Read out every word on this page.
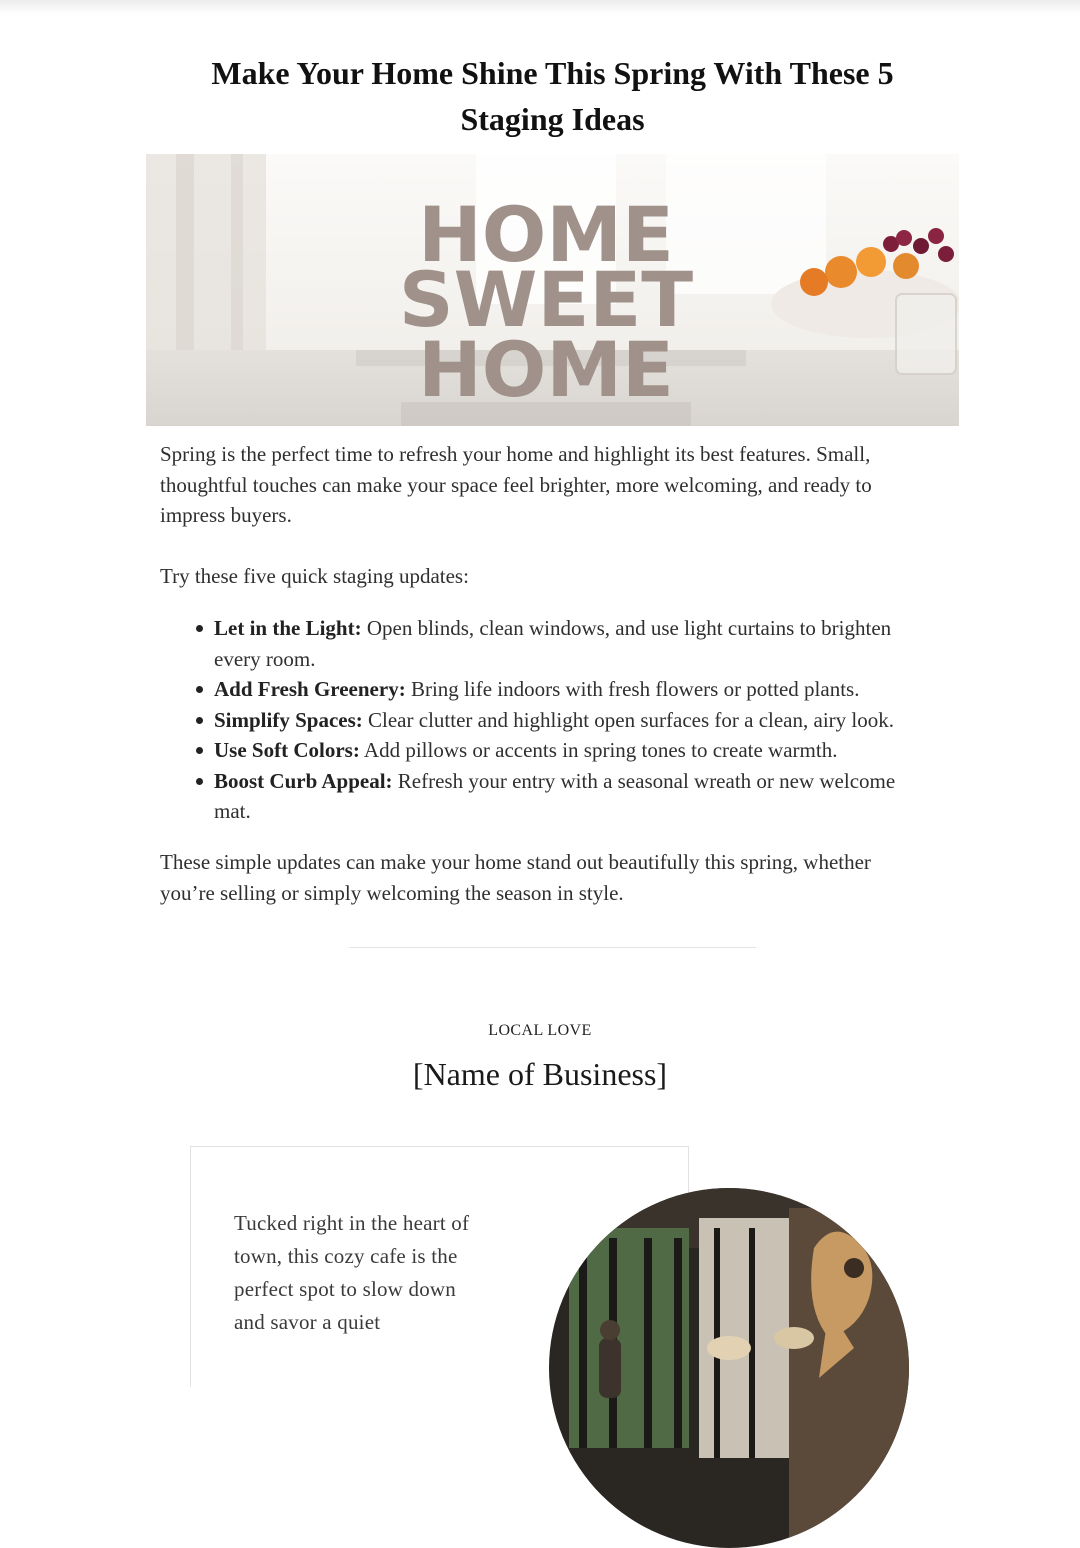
Make Your Home Shine This Spring With These 5 Staging Ideas
HOME
SWEET
HOME

Spring is the perfect time to refresh your home and highlight its best features. Small, thoughtful touches can make your space feel brighter, more welcoming, and ready to impress buyers.

Try these five quick staging updates:

Let in the Light: Open blinds, clean windows, and use light curtains to brighten every room.
Add Fresh Greenery: Bring life indoors with fresh flowers or potted plants.
Simplify Spaces: Clear clutter and highlight open surfaces for a clean, airy look.
Use Soft Colors: Add pillows or accents in spring tones to create warmth.
Boost Curb Appeal: Refresh your entry with a seasonal wreath or new welcome mat.

These simple updates can make your home stand out beautifully this spring, whether you’re selling or simply welcoming the season in style.

LOCAL LOVE
[Name of Business]

Tucked right in the heart of town, this cozy cafe is the perfect spot to slow down and savor a quiet
